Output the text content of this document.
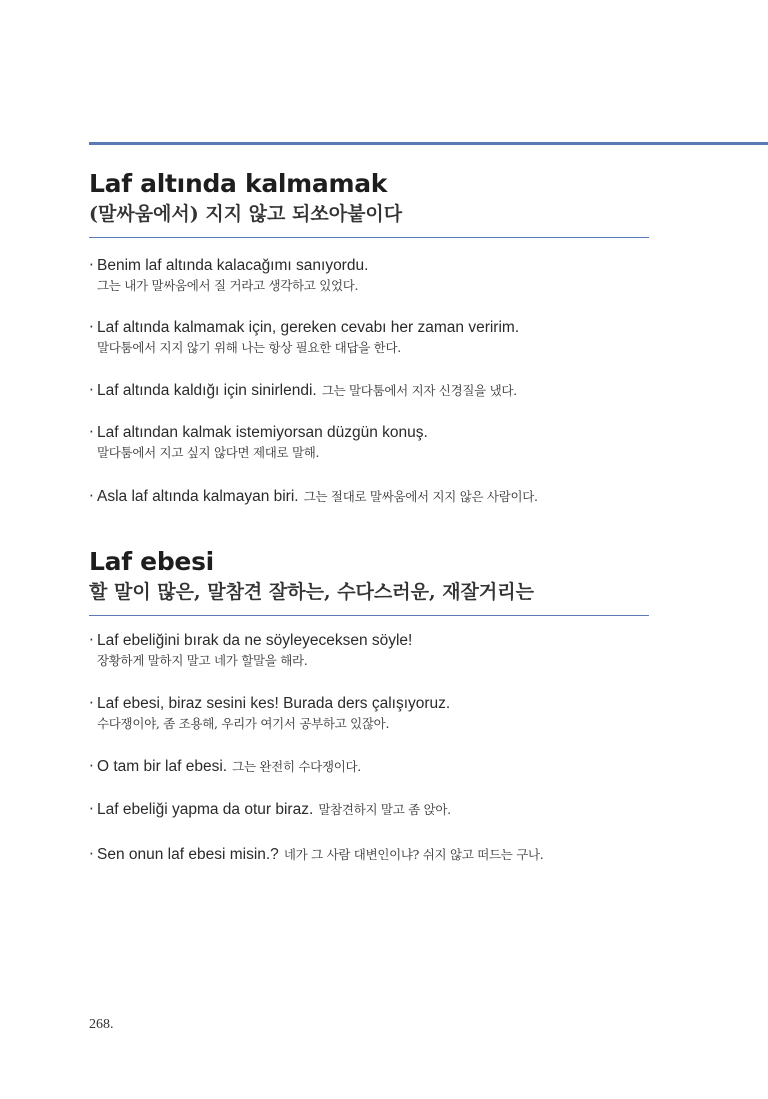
Laf altında kalmamak
(말싸움에서) 지지 않고 되쏘아붙이다
· Benim laf altında kalacağımı sanıyordu.
그는 내가 말싸움에서 질 거라고 생각하고 있었다.
· Laf altında kalmamak için, gereken cevabı her zaman veririm.
말다툼에서 지지 않기 위해 나는 항상 필요한 대답을 한다.
· Laf altında kaldığı için sinirlendi. 그는 말다툼에서 지자 신경질을 냈다.
· Laf altından kalmak istemiyorsan düzgün konuş.
말다툼에서 지고 싶지 않다면 제대로 말해.
· Asla laf altında kalmayan biri. 그는 절대로 말싸움에서 지지 않은 사람이다.
Laf ebesi
할 말이 많은, 말참견 잘하는, 수다스러운, 재잘거리는
· Laf ebeliğini bırak da ne söyleyeceksen söyle!
장황하게 말하지 말고 네가 할말을 해라.
· Laf ebesi, biraz sesini kes! Burada ders çalışıyoruz.
수다쟁이야, 좀 조용해, 우리가 여기서 공부하고 있잖아.
· O tam bir laf ebesi. 그는 완전히 수다쟁이다.
· Laf ebeliği yapma da otur biraz. 말참견하지 말고 좀 앉아.
· Sen onun laf ebesi misin.? 네가 그 사람 대변인이냐? 쉬지 않고 떠드는 구나.
268.
